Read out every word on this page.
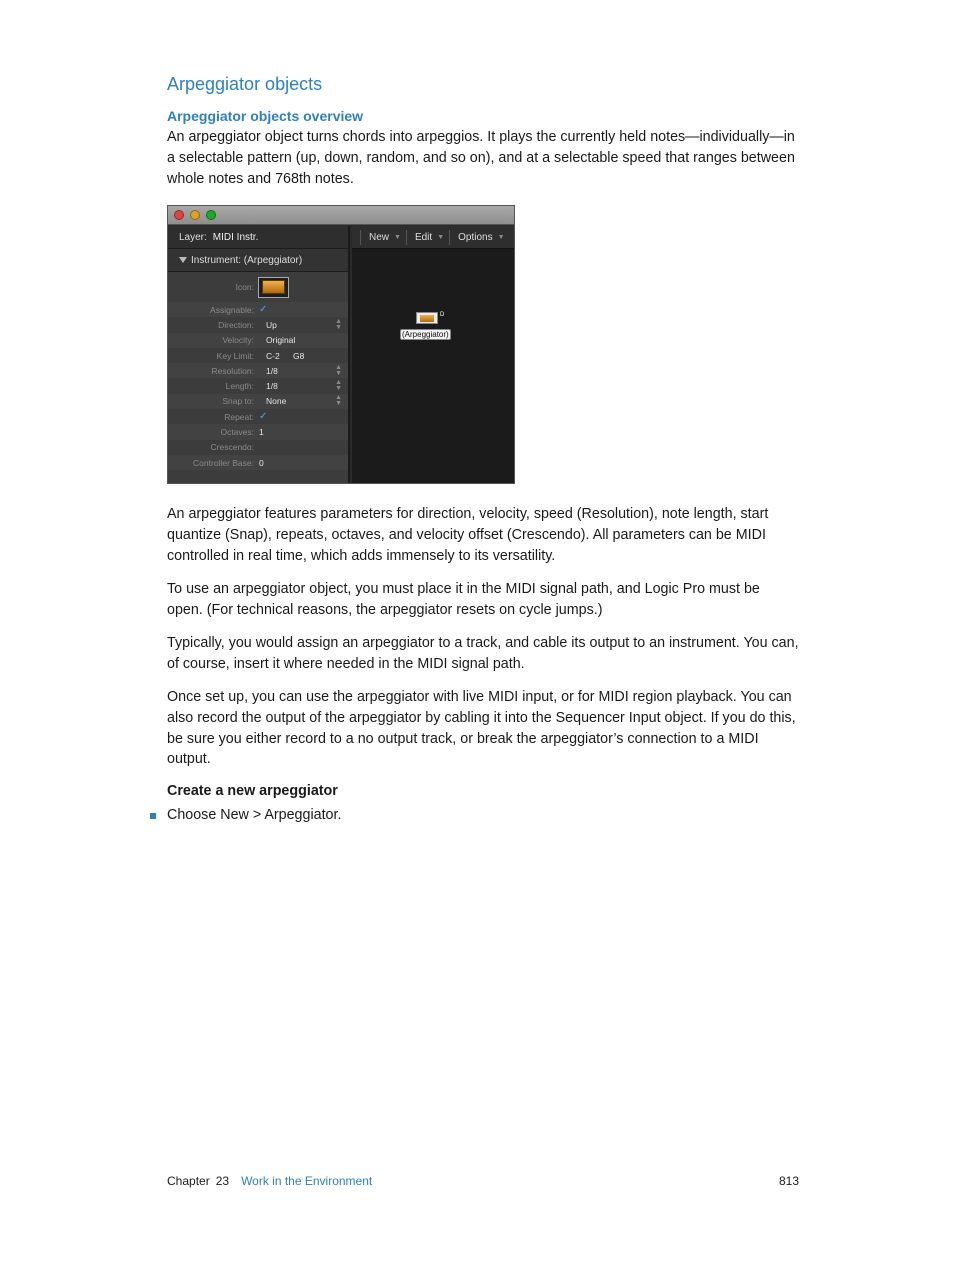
Arpeggiator objects
Arpeggiator objects overview

An arpeggiator object turns chords into arpeggios. It plays the currently held notes—individually—in a selectable pattern (up, down, random, and so on), and at a selectable speed that ranges between whole notes and 768th notes.

Layer: MIDI Instr.
Instrument: (Arpeggiator)
Icon:
Assignable: ✓
Direction: Up	▲
▼
Velocity: Original
Key Limit: C-2 G8
Resolution: 1/8	▲
▼
Length: 1/8	▲
▼
Snap to: None	▲
▼
Repeat: ✓
Octaves: 1
Crescendo:
Controller Base: 0
New ▼ Edit ▼ Options ▼
D
(Arpeggiator)

An arpeggiator features parameters for direction, velocity, speed (Resolution), note length, start quantize (Snap), repeats, octaves, and velocity offset (Crescendo). All parameters can be MIDI controlled in real time, which adds immensely to its versatility.

To use an arpeggiator object, you must place it in the MIDI signal path, and Logic Pro must be open. (For technical reasons, the arpeggiator resets on cycle jumps.)

Typically, you would assign an arpeggiator to a track, and cable its output to an instrument. You can, of course, insert it where needed in the MIDI signal path.

Once set up, you can use the arpeggiator with live MIDI input, or for MIDI region playback. You can also record the output of the arpeggiator by cabling it into the Sequencer Input object. If you do this, be sure you either record to a no output track, or break the arpeggiator’s connection to a MIDI output.

Create a new arpeggiator
Choose New > Arpeggiator.
Chapter 23 Work in the Environment	813
